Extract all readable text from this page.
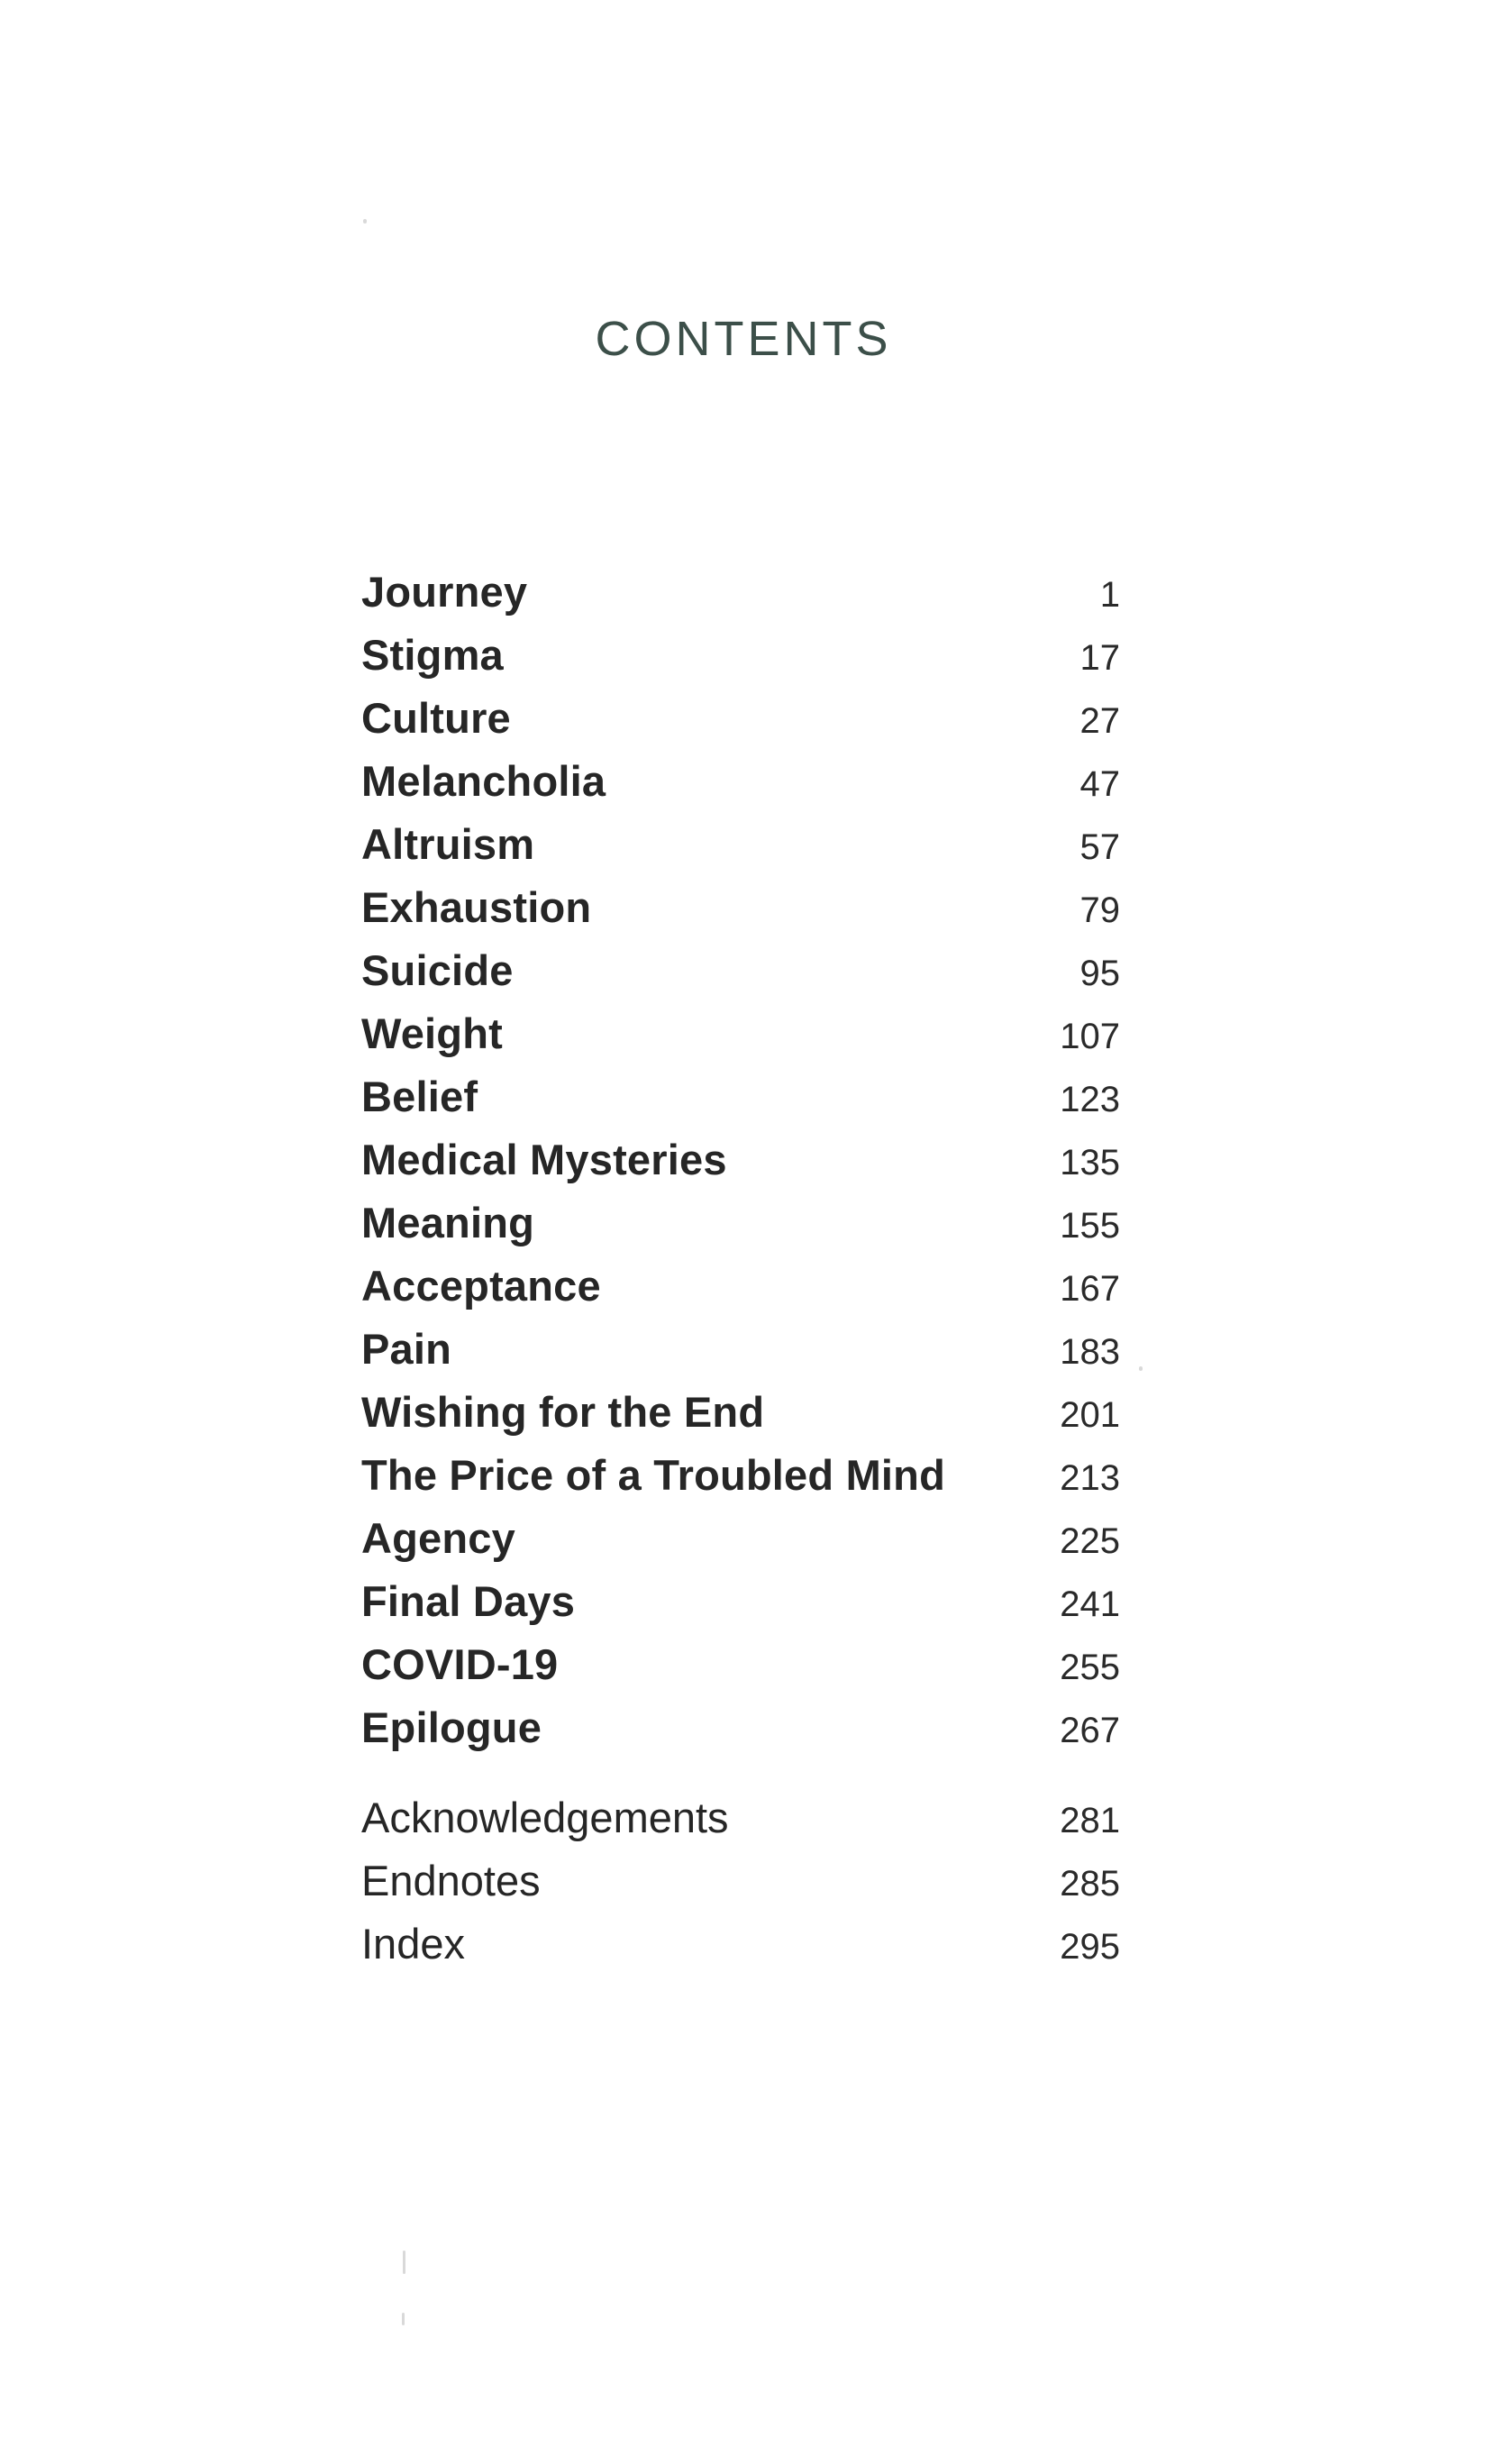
CONTENTS
Journey	1
Stigma	17
Culture	27
Melancholia	47
Altruism	57
Exhaustion	79
Suicide	95
Weight	107
Belief	123
Medical Mysteries	135
Meaning	155
Acceptance	167
Pain	183
Wishing for the End	201
The Price of a Troubled Mind	213
Agency	225
Final Days	241
COVID-19	255
Epilogue	267
Acknowledgements	281
Endnotes	285
Index	295
